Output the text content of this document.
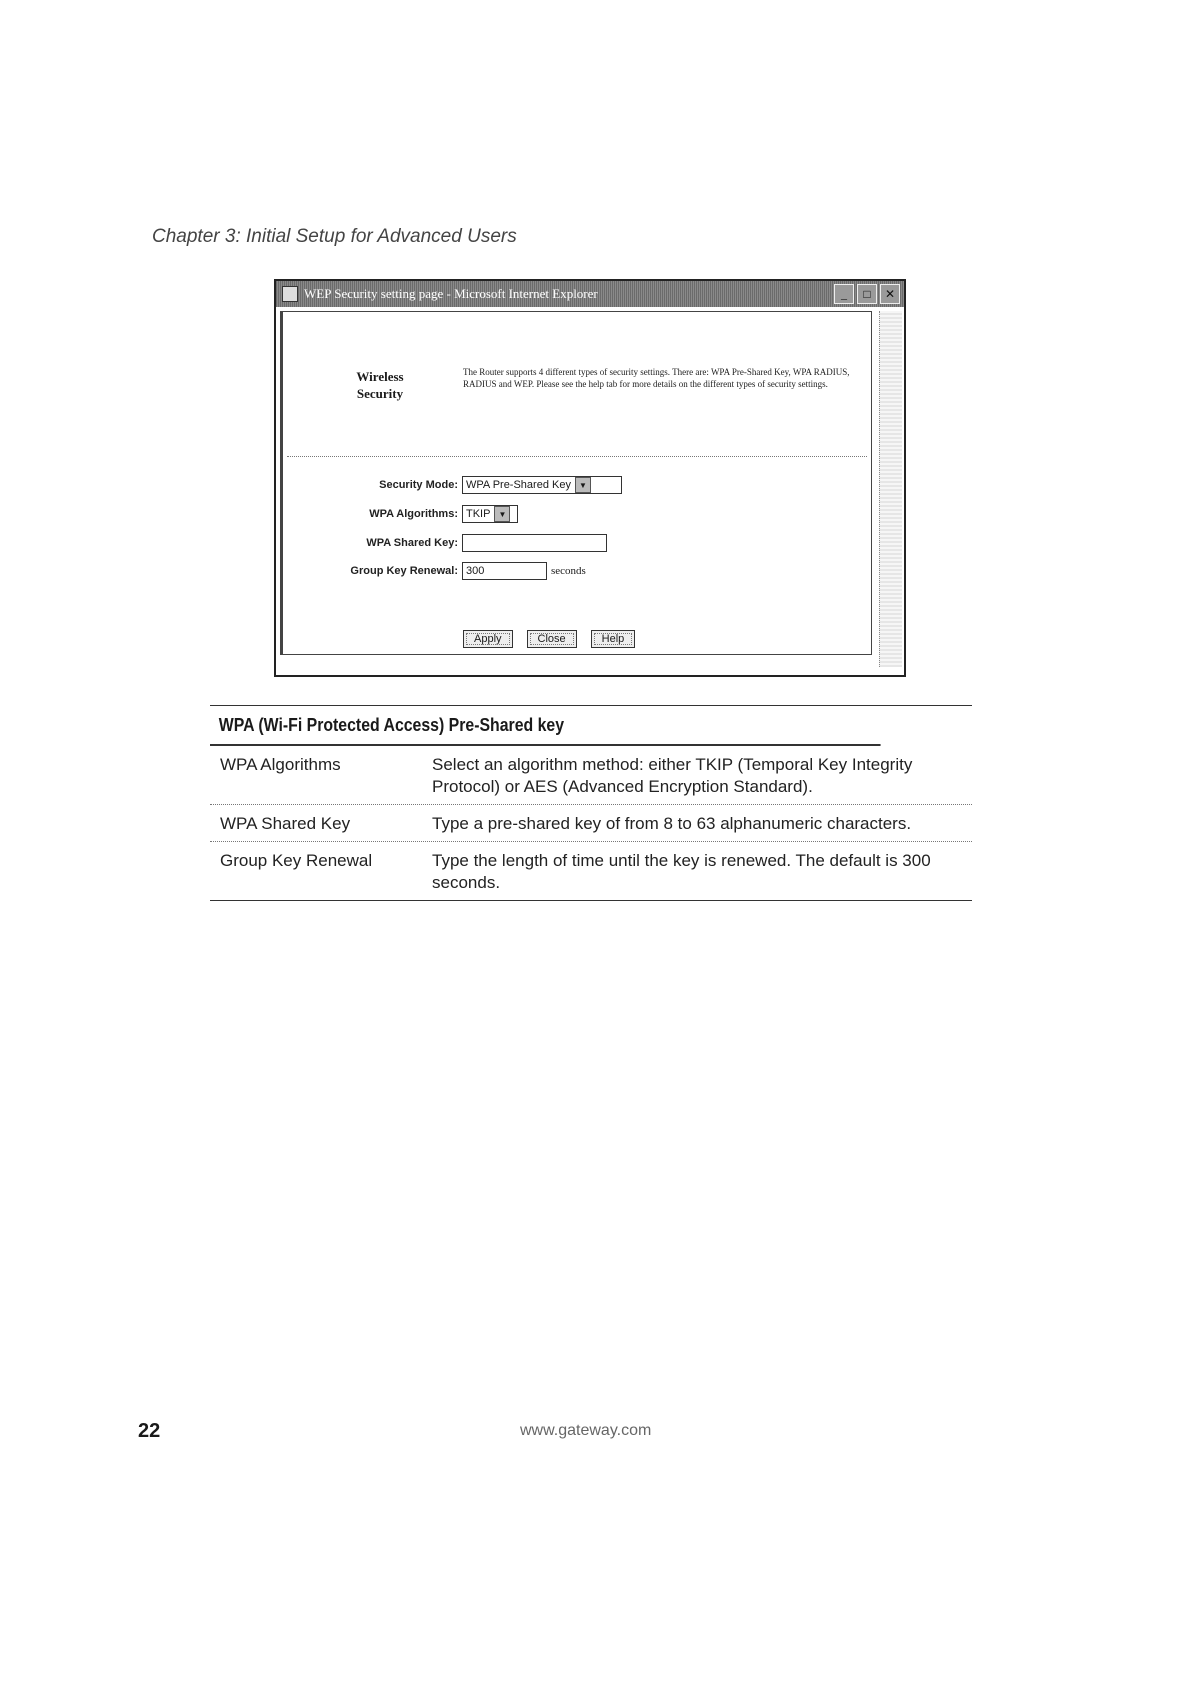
Chapter 3: Initial Setup for Advanced Users
WEP Security setting page - Microsoft Internet Explorer	_	□	✕
Wireless
Security
The Router supports 4 different types of security settings. There are: WPA Pre-Shared Key, WPA RADIUS, RADIUS and WEP. Please see the help tab for more details on the different types of security settings.
Security Mode: WPA Pre-Shared Key	▼
WPA Algorithms: TKIP	▼
WPA Shared Key:
Group Key Renewal: 300	seconds
Apply	Close	Help
WPA (Wi-Fi Protected Access) Pre-Shared key
WPA Algorithms	Select an algorithm method: either TKIP (Temporal Key Integrity Protocol) or AES (Advanced Encryption Standard).
WPA Shared Key	Type a pre-shared key of from 8 to 63 alphanumeric characters.
Group Key Renewal	Type the length of time until the key is renewed. The default is 300 seconds.
22	www.gateway.com
